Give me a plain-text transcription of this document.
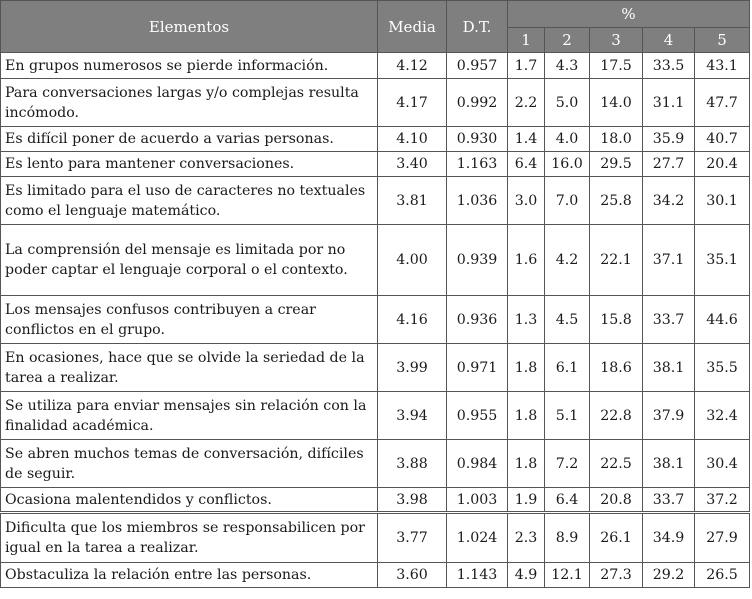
Elementos	Media	D.T.	%				
			1	2	3	4	5
En grupos numerosos se pierde información.	4.12	0.957	1.7	4.3	17.5	33.5	43.1
Para conversaciones largas y/o complejas resulta incómodo.	4.17	0.992	2.2	5.0	14.0	31.1	47.7
Es difícil poner de acuerdo a varias personas.	4.10	0.930	1.4	4.0	18.0	35.9	40.7
Es lento para mantener conversaciones.	3.40	1.163	6.4	16.0	29.5	27.7	20.4
Es limitado para el uso de caracteres no textuales como el lenguaje matemático.	3.81	1.036	3.0	7.0	25.8	34.2	30.1
La comprensión del mensaje es limitada por no poder captar el lenguaje corporal o el contexto.	4.00	0.939	1.6	4.2	22.1	37.1	35.1
Los mensajes confusos contribuyen a crear conflictos en el grupo.	4.16	0.936	1.3	4.5	15.8	33.7	44.6
En ocasiones, hace que se olvide la seriedad de la tarea a realizar.	3.99	0.971	1.8	6.1	18.6	38.1	35.5
Se utiliza para enviar mensajes sin relación con la finalidad académica.	3.94	0.955	1.8	5.1	22.8	37.9	32.4
Se abren muchos temas de conversación, difíciles de seguir.	3.88	0.984	1.8	7.2	22.5	38.1	30.4
Ocasiona malentendidos y conflictos.	3.98	1.003	1.9	6.4	20.8	33.7	37.2
Dificulta que los miembros se responsabilicen por igual en la tarea a realizar.	3.77	1.024	2.3	8.9	26.1	34.9	27.9
Obstaculiza la relación entre las personas.	3.60	1.143	4.9	12.1	27.3	29.2	26.5
